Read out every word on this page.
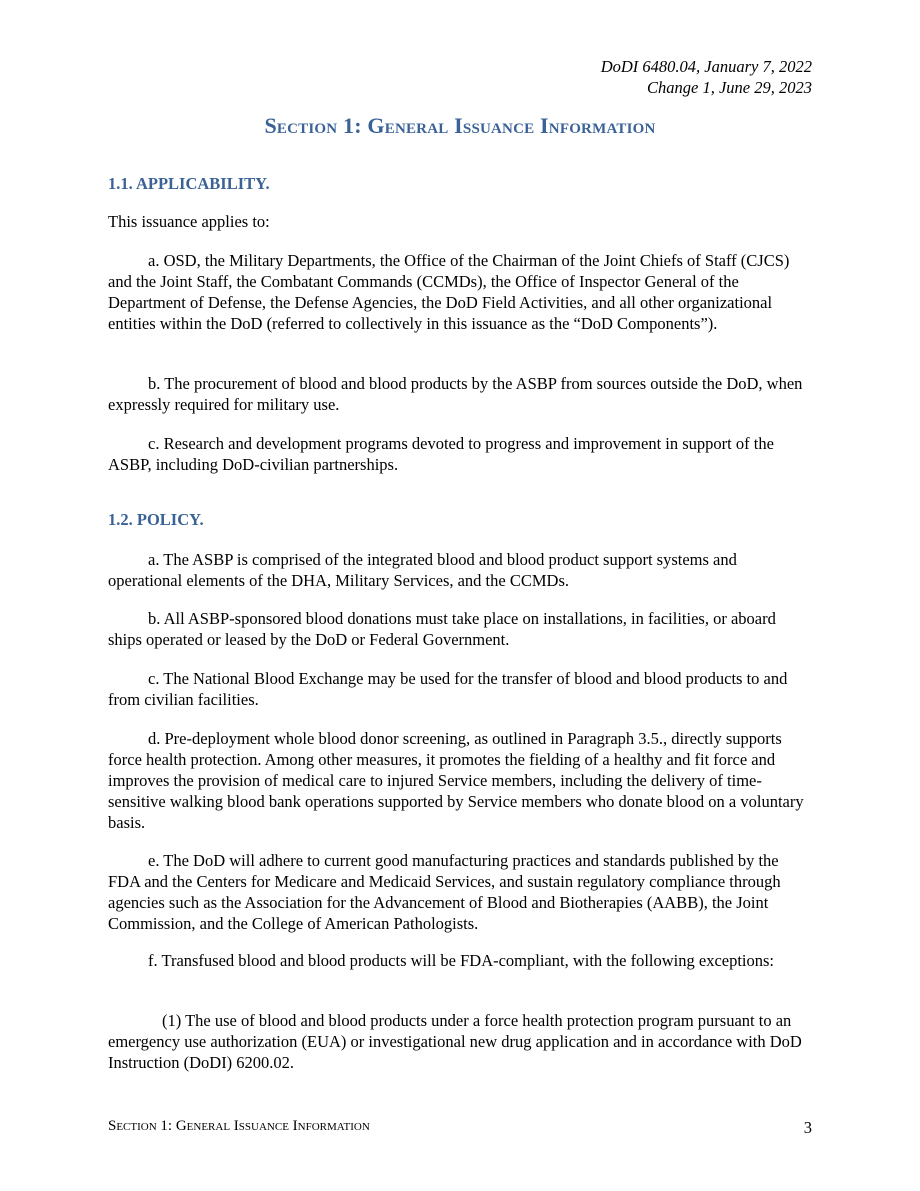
DoDI 6480.04, January 7, 2022
Change 1, June 29, 2023
Section 1: General Issuance Information
1.1. APPLICABILITY.
This issuance applies to:
a. OSD, the Military Departments, the Office of the Chairman of the Joint Chiefs of Staff (CJCS) and the Joint Staff, the Combatant Commands (CCMDs), the Office of Inspector General of the Department of Defense, the Defense Agencies, the DoD Field Activities, and all other organizational entities within the DoD (referred to collectively in this issuance as the “DoD Components”).
b. The procurement of blood and blood products by the ASBP from sources outside the DoD, when expressly required for military use.
c. Research and development programs devoted to progress and improvement in support of the ASBP, including DoD-civilian partnerships.
1.2. POLICY.
a. The ASBP is comprised of the integrated blood and blood product support systems and operational elements of the DHA, Military Services, and the CCMDs.
b. All ASBP-sponsored blood donations must take place on installations, in facilities, or aboard ships operated or leased by the DoD or Federal Government.
c. The National Blood Exchange may be used for the transfer of blood and blood products to and from civilian facilities.
d. Pre-deployment whole blood donor screening, as outlined in Paragraph 3.5., directly supports force health protection. Among other measures, it promotes the fielding of a healthy and fit force and improves the provision of medical care to injured Service members, including the delivery of time-sensitive walking blood bank operations supported by Service members who donate blood on a voluntary basis.
e. The DoD will adhere to current good manufacturing practices and standards published by the FDA and the Centers for Medicare and Medicaid Services, and sustain regulatory compliance through agencies such as the Association for the Advancement of Blood and Biotherapies (AABB), the Joint Commission, and the College of American Pathologists.
f. Transfused blood and blood products will be FDA-compliant, with the following exceptions:
(1) The use of blood and blood products under a force health protection program pursuant to an emergency use authorization (EUA) or investigational new drug application and in accordance with DoD Instruction (DoDI) 6200.02.
Section 1: General Issuance Information	3
